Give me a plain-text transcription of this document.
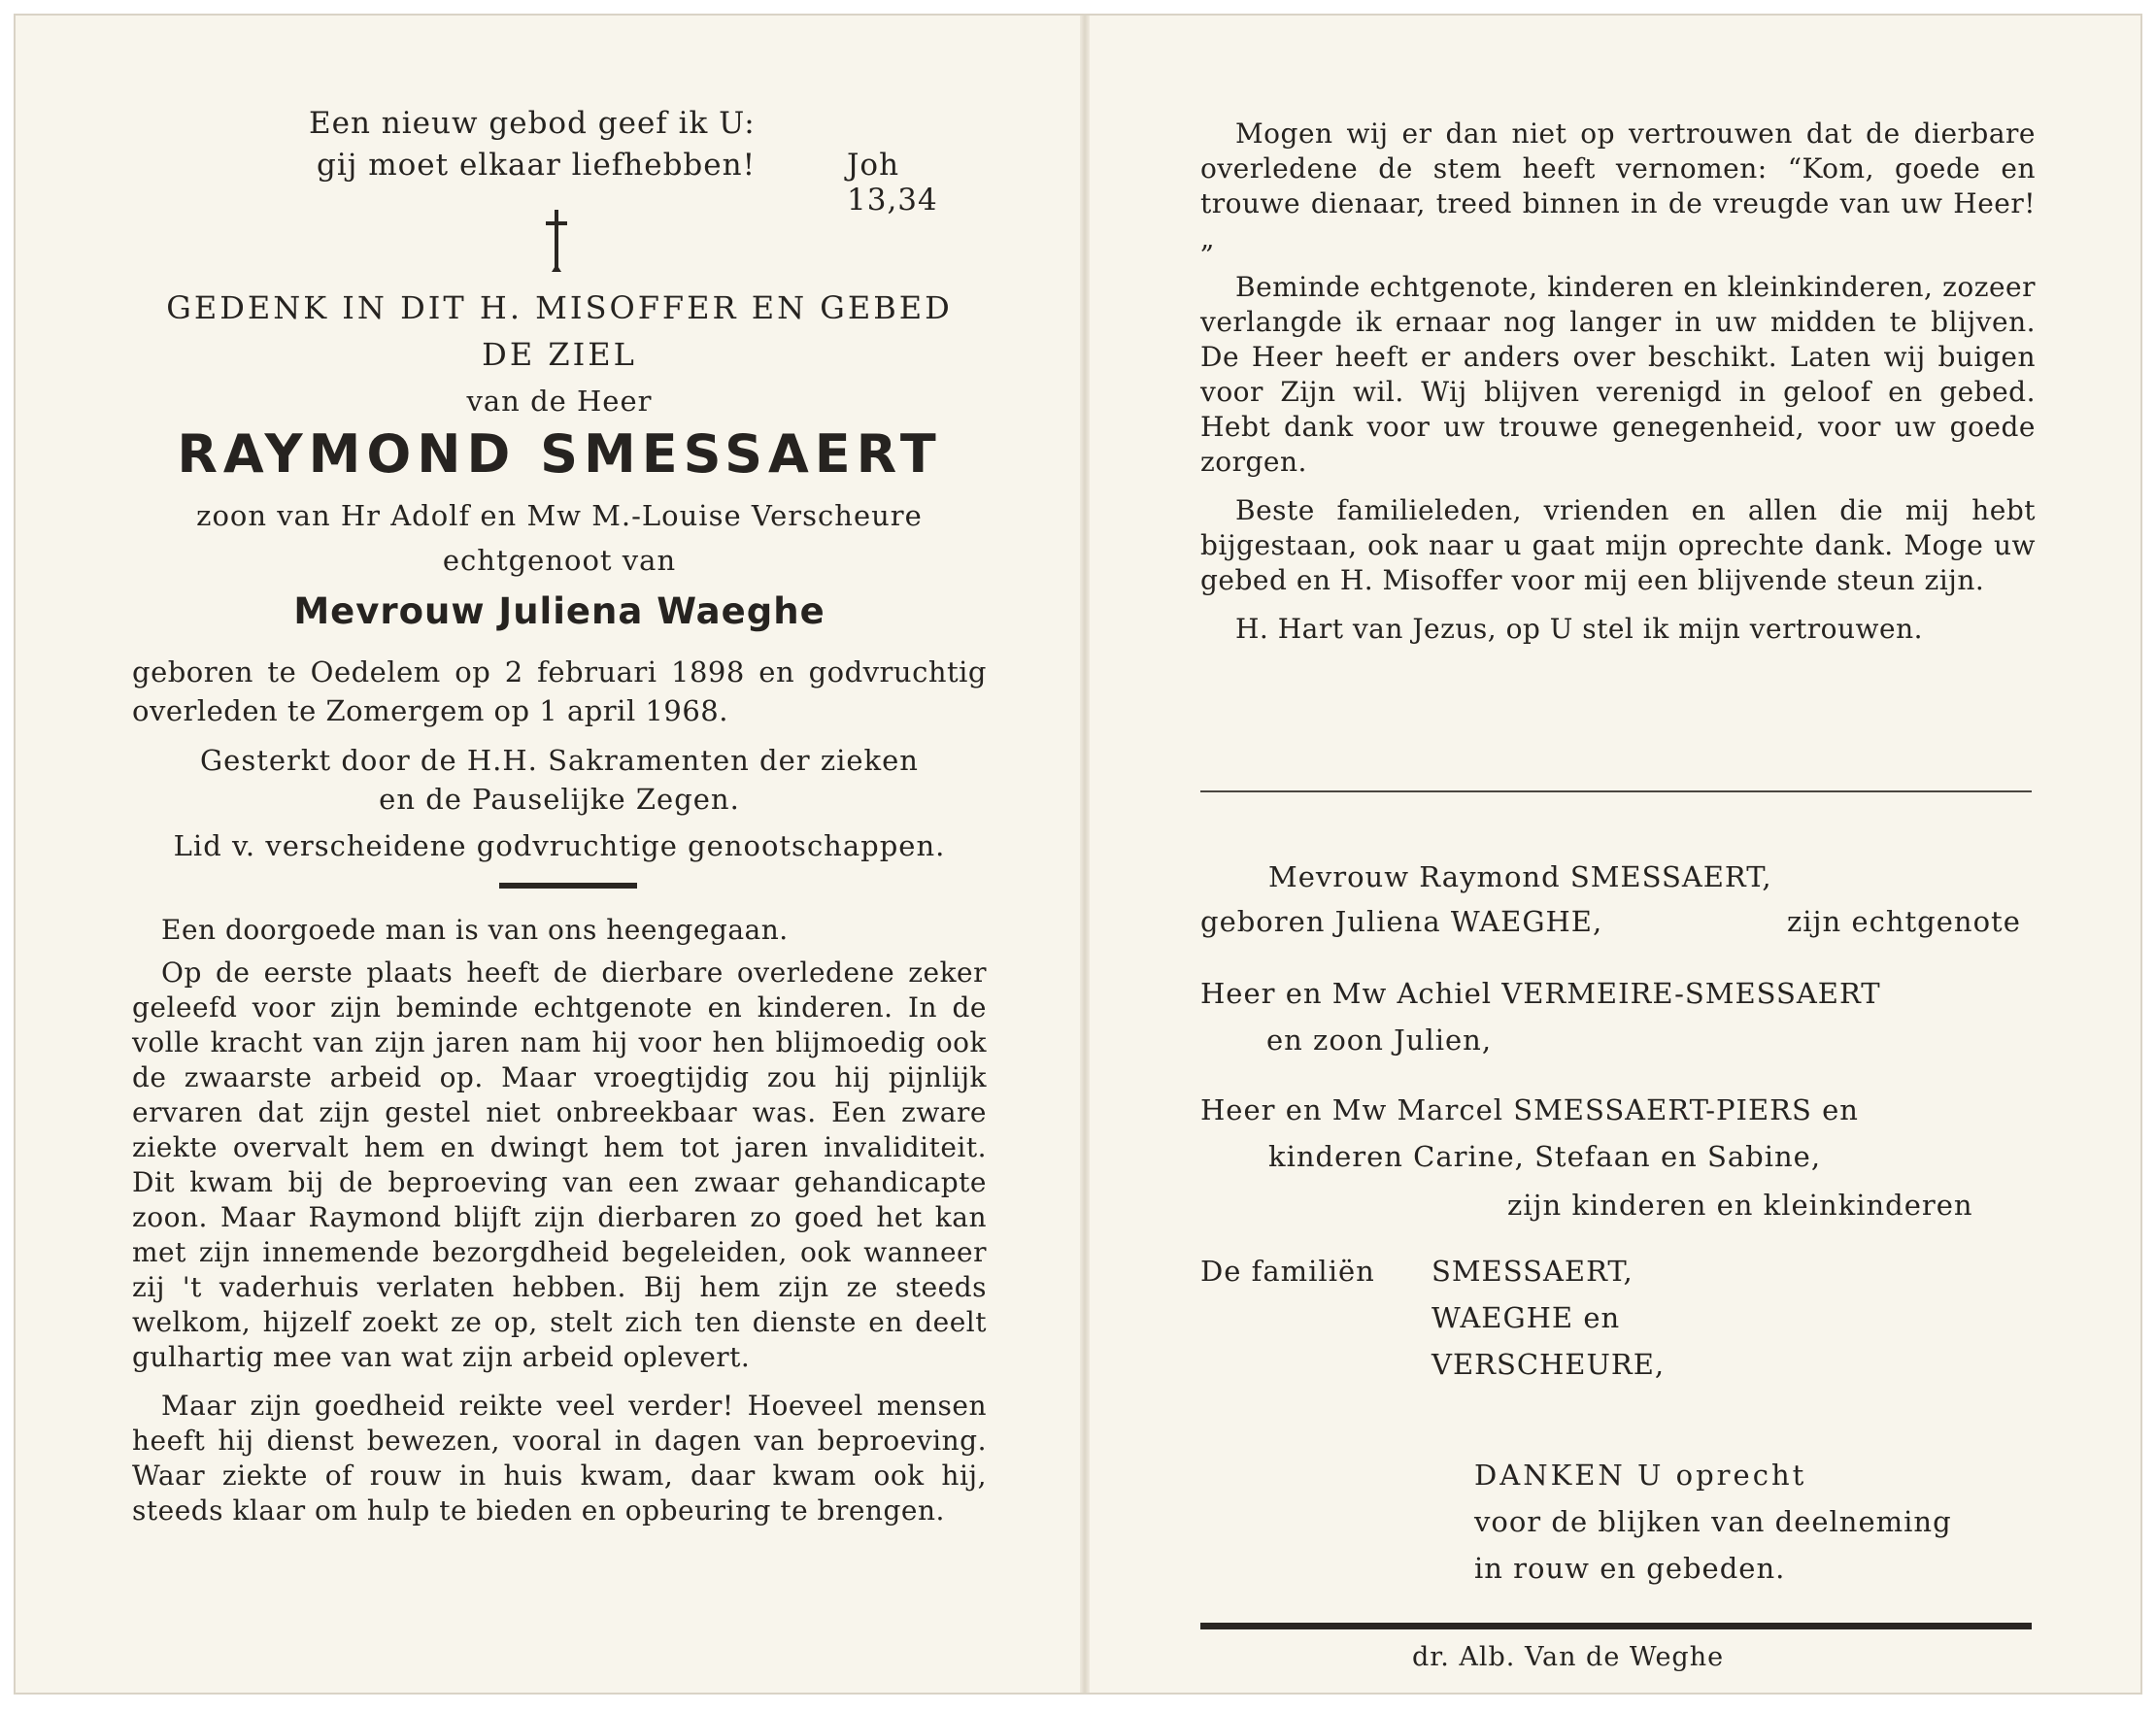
Een nieuw gebod geef ik U:
gij moet elkaar liefhebben!	Joh 13,34
GEDENK IN DIT H. MISOFFER EN GEBED
DE ZIEL
van de Heer
RAYMOND SMESSAERT
zoon van Hr Adolf en Mw M.-Louise Verscheure
echtgenoot van
Mevrouw Juliena Waeghe

geboren te Oedelem op 2 februari 1898 en godvruchtig overleden te Zomergem op 1 april 1968.

Gesterkt door de H.H. Sakramenten der zieken
en de Pauselijke Zegen.
Lid v. verscheidene godvruchtige genootschappen.

Een doorgoede man is van ons heengegaan.

Op de eerste plaats heeft de dierbare overledene zeker geleefd voor zijn beminde echtgenote en kinderen. In de volle kracht van zijn jaren nam hij voor hen blijmoedig ook de zwaarste arbeid op. Maar vroegtijdig zou hij pijnlijk ervaren dat zijn gestel niet onbreekbaar was. Een zware ziekte overvalt hem en dwingt hem tot jaren invaliditeit. Dit kwam bij de beproeving van een zwaar gehandicapte zoon. Maar Raymond blijft zijn dierbaren zo goed het kan met zijn innemende bezorgdheid begeleiden, ook wanneer zij 't vaderhuis verlaten hebben. Bij hem zijn ze steeds welkom, hijzelf zoekt ze op, stelt zich ten dienste en deelt gulhartig mee van wat zijn arbeid oplevert.

Maar zijn goedheid reikte veel verder! Hoeveel mensen heeft hij dienst bewezen, vooral in dagen van beproeving. Waar ziekte of rouw in huis kwam, daar kwam ook hij, steeds klaar om hulp te bieden en opbeuring te brengen.

Mogen wij er dan niet op vertrouwen dat de dierbare overledene de stem heeft vernomen: “Kom, goede en trouwe dienaar, treed binnen in de vreugde van uw Heer!„

Beminde echtgenote, kinderen en kleinkinderen, zozeer verlangde ik ernaar nog langer in uw midden te blijven. De Heer heeft er anders over beschikt. Laten wij buigen voor Zijn wil. Wij blijven verenigd in geloof en gebed. Hebt dank voor uw trouwe genegenheid, voor uw goede zorgen.

Beste familieleden, vrienden en allen die mij hebt bijgestaan, ook naar u gaat mijn oprechte dank. Moge uw gebed en H. Misoffer voor mij een blijvende steun zijn.

H. Hart van Jezus, op U stel ik mijn vertrouwen.

Mevrouw Raymond SMESSAERT,
geboren Juliena WAEGHE,	zijn echtgenote
Heer en Mw Achiel VERMEIRE-SMESSAERT
en zoon Julien,
Heer en Mw Marcel SMESSAERT-PIERS en
kinderen Carine, Stefaan en Sabine,
zijn kinderen en kleinkinderen
De familiën SMESSAERT,
WAEGHE en
VERSCHEURE,
DANKEN U oprecht
voor de blijken van deelneming
in rouw en gebeden.
dr. Alb. Van de Weghe
